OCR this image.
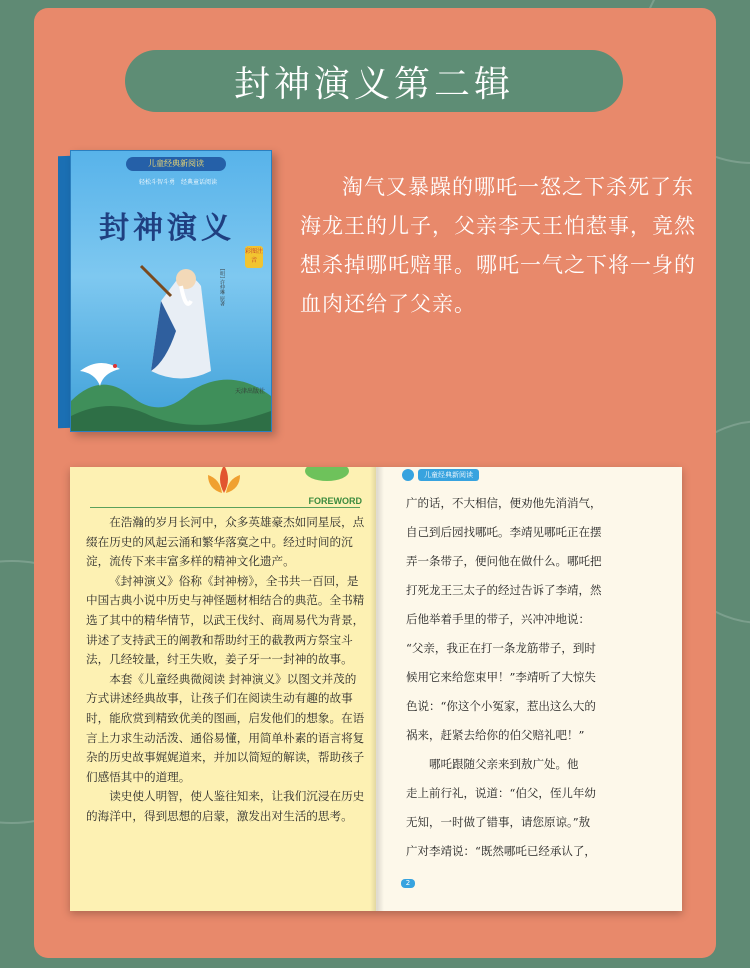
封神演义第二辑
儿童经典新阅读
轻松斗智斗勇　经典童话阅读
封神演义
彩图注音
[明] 许仲琳 原著
天津出版社
淘气又暴躁的哪吒一怒之下杀死了东海龙王的儿子，父亲李天王怕惹事，竟然想杀掉哪吒赔罪。哪吒一气之下将一身的血肉还给了父亲。
FOREWORD

在浩瀚的岁月长河中，众多英雄豪杰如同星辰，点缀在历史的风起云涌和繁华落寞之中。经过时间的沉淀，流传下来丰富多样的精神文化遗产。

《封神演义》俗称《封神榜》，全书共一百回，是中国古典小说中历史与神怪题材相结合的典范。全书精选了其中的精华情节，以武王伐纣、商周易代为背景，讲述了支持武王的阐教和帮助纣王的截教两方祭宝斗法，几经较量，纣王失败，姜子牙一一封神的故事。

本套《儿童经典微阅读 封神演义》以图文并茂的方式讲述经典故事，让孩子们在阅读生动有趣的故事时，能欣赏到精致优美的图画，启发他们的想象。在语言上力求生动活泼、通俗易懂，用简单朴素的语言将复杂的历史故事娓娓道来，并加以简短的解读，帮助孩子们感悟其中的道理。

读史使人明智，使人鉴往知来，让我们沉浸在历史的海洋中，得到思想的启蒙，激发出对生活的思考。

儿童经典新阅读

广的话，不大相信，便劝他先消消气，

自己到后园找哪吒。李靖见哪吒正在摆

弄一条带子，便问他在做什么。哪吒把

打死龙王三太子的经过告诉了李靖，然

后他举着手里的带子，兴冲冲地说：

“父亲，我正在打一条龙筋带子，到时

候用它来给您束甲！”李靖听了大惊失

色说：“你这个小冤家，惹出这么大的

祸来，赶紧去给你的伯父赔礼吧！”

哪吒跟随父亲来到敖广处。他

走上前行礼，说道：“伯父，侄儿年幼

无知，一时做了错事，请您原谅。”敖

广对李靖说：“既然哪吒已经承认了，

2
